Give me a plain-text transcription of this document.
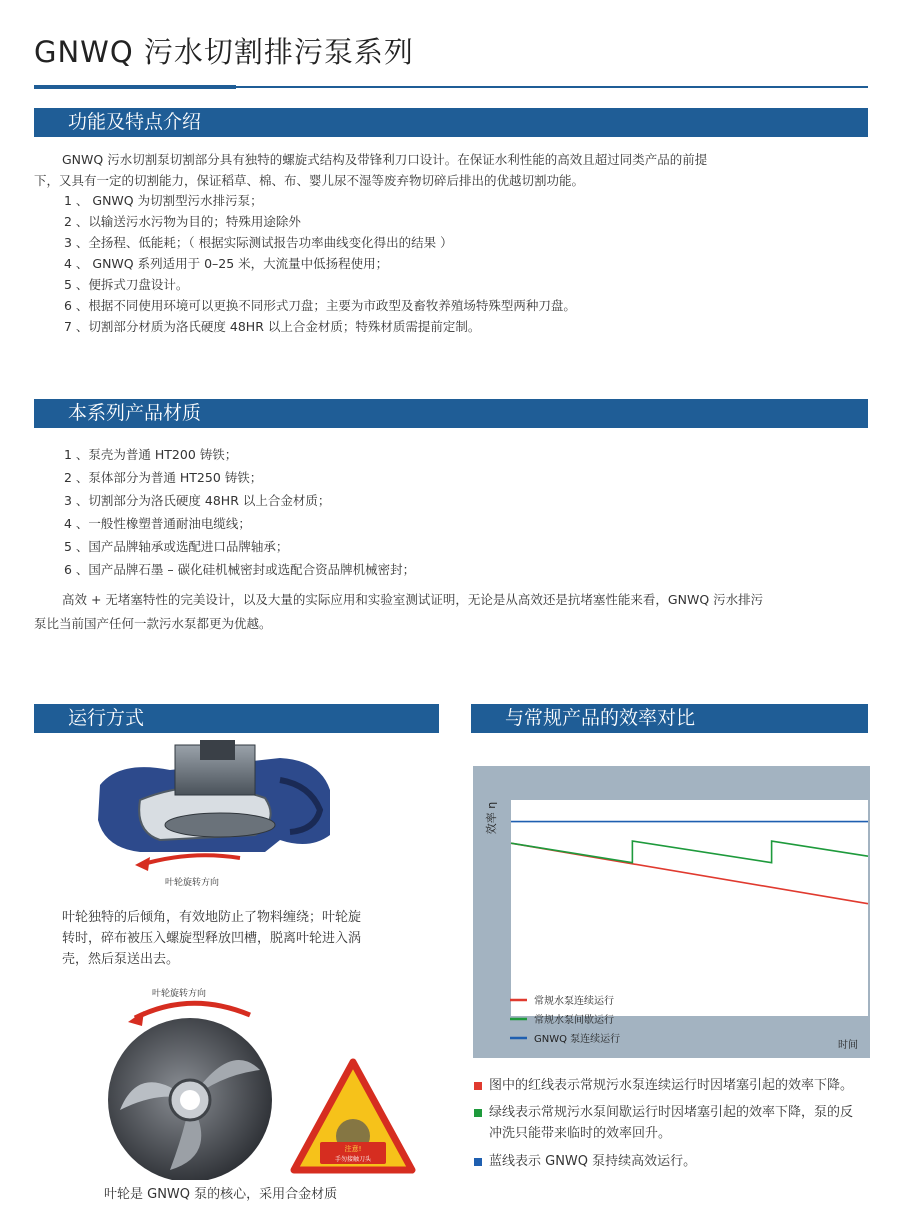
GNWQ 污水切割排污泵系列
功能及特点介绍
GNWQ 污水切割泵切割部分具有独特的螺旋式结构及带锋利刀口设计。在保证水利性能的高效且超过同类产品的前提
下，又具有一定的切割能力，保证稻草、棉、布、婴儿尿不湿等废弃物切碎后排出的优越切割功能。
1 、 GNWQ 为切割型污水排污泵；
2 、以输送污水污物为目的；特殊用途除外
3 、全扬程、低能耗；（ 根据实际测试报告功率曲线变化得出的结果 ）
4 、 GNWQ 系列适用于 0–25 米，大流量中低扬程使用；
5 、便拆式刀盘设计。
6 、根据不同使用环境可以更换不同形式刀盘；主要为市政型及畜牧养殖场特殊型两种刀盘。
7 、切割部分材质为洛氏硬度 48HR 以上合金材质；特殊材质需提前定制。
本系列产品材质
1 、泵壳为普通 HT200 铸铁；
2 、泵体部分为普通 HT250 铸铁；
3 、切割部分为洛氏硬度 48HR 以上合金材质；
4 、一般性橡塑普通耐油电缆线；
5 、国产品牌轴承或选配进口品牌轴承；
6 、国产品牌石墨 – 碳化硅机械密封或选配合资品牌机械密封；
高效 + 无堵塞特性的完美设计，以及大量的实际应用和实验室测试证明，无论是从高效还是抗堵塞性能来看，GNWQ 污水排污
泵比当前国产任何一款污水泵都更为优越。
运行方式
叶轮旋转方向
叶轮独特的后倾角，有效地防止了物料缠绕；叶轮旋
转时，碎布被压入螺旋型释放凹槽，脱离叶轮进入涡
壳，然后泵送出去。
叶轮旋转方向
注意!
手勿接触刀头
叶轮是 GNWQ 泵的核心，采用合金材质
与常规产品的效率对比
效率 η
时间
常规水泵连续运行
常规水泵间歇运行
GNWQ 泵连续运行
图中的红线表示常规污水泵连续运行时因堵塞引起的效率下降。
绿线表示常规污水泵间歇运行时因堵塞引起的效率下降，泵的反
冲洗只能带来临时的效率回升。
蓝线表示 GNWQ 泵持续高效运行。
